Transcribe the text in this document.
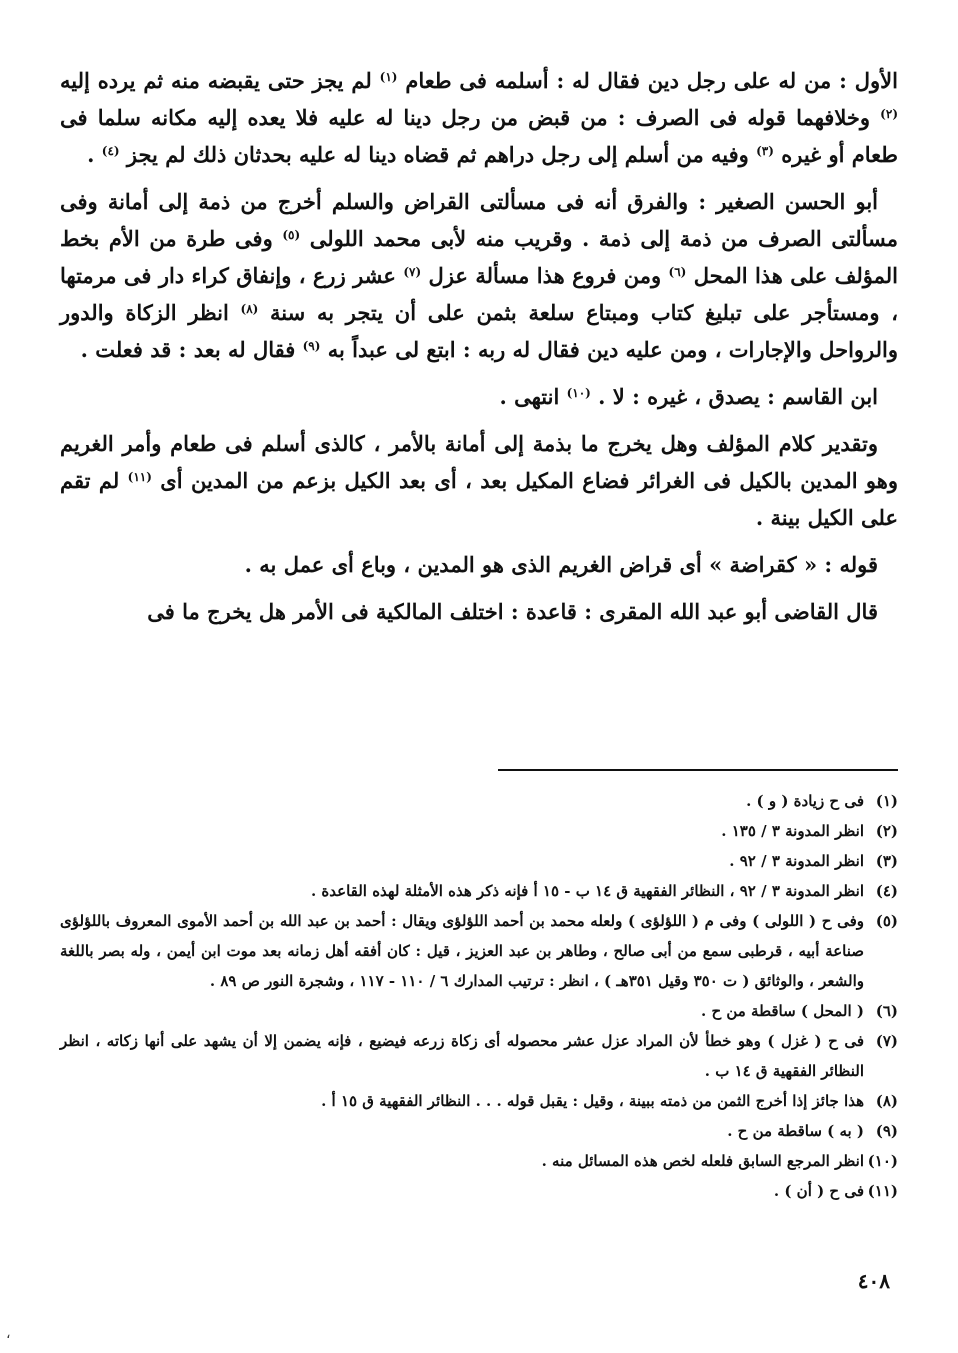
الأول : من له على رجل دين فقال له : أسلمه فى طعام $^{(١)}$ لم يجز حتى يقبضه منه ثم يرده إليه $^{(٢)}$ وخلافهما قوله فى الصرف : من قبض من رجل دينا له عليه فلا يعده إليه مكانه سلما فى طعام أو غيره $^{(٣)}$ وفيه من أسلم إلى رجل دراهم ثم قضاه دينا له عليه بحدثان ذلك لم يجز $^{(٤)}$ .

أبو الحسن الصغير : والفرق أنه فى مسألتى القراض والسلم أخرج من ذمة إلى أمانة وفى مسألتى الصرف من ذمة إلى ذمة . وقريب منه لأبى محمد اللولى $^{(٥)}$ وفى طرة من الأم بخط المؤلف على هذا المحل $^{(٦)}$ ومن فروع هذا مسألة عزل $^{(٧)}$ عشر زرع ، وإنفاق كراء دار فى مرمتها ، ومستأجر على تبليغ كتاب ومبتاع سلعة بثمن على أن يتجر به سنة $^{(٨)}$ انظر الزكاة والدور والرواحل والإجارات ، ومن عليه دين فقال له ربه : ابتع لى عبداً به $^{(٩)}$ فقال له بعد : قد فعلت .

ابن القاسم : يصدق ، غيره : لا . $^{(١٠)}$ انتهى .

وتقدير كلام المؤلف وهل يخرج ما بذمة إلى أمانة بالأمر ، كالذى أسلم فى طعام وأمر الغريم وهو المدين بالكيل فى الغرائر فضاع المكيل بعد ، أى بعد الكيل بزعم من المدين أى $^{(١١)}$ لم تقم على الكيل بينة .

قوله : « كقراضة » أى قراض الغريم الذى هو المدين ، وباع أى عمل به .

قال القاضى أبو عبد الله المقرى : قاعدة : اختلف المالكية فى الأمر هل يخرج ما فى

(١)
فى ح زيادة ( و ) .
(٢)
انظر المدونة ٣ / ١٣٥ .
(٣)
انظر المدونة ٣ / ٩٢ .
(٤)
انظر المدونة ٣ / ٩٢ ، النظائر الفقهية ق ١٤ ب - ١٥ أ فإنه ذكر هذه الأمثلة لهذه القاعدة .
(٥)
وفى ح ( اللولى ) وفى م ( اللؤلؤى ) ولعله محمد بن أحمد اللؤلؤى ويقال : أحمد بن عبد الله بن أحمد الأموى المعروف باللؤلؤى صناعة أبيه ، قرطبى سمع من أبى صالح ، وطاهر بن عبد العزيز ، قيل : كان أفقه أهل زمانه بعد موت ابن أيمن ، وله بصر باللغة والشعر ، والوثائق ( ت ٣٥٠ وقيل ٣٥١هـ ) ، انظر : ترتيب المدارك ٦ / ١١٠ - ١١٧ ، وشجرة النور ص ٨٩ .
(٦)
( المحل ) ساقطة من ح .
(٧)
فى ح ( غزل ) وهو خطأ لأن المراد عزل عشر محصوله أى زكاة زرعه فيضيع ، فإنه يضمن إلا أن يشهد على أنها زكاته ، انظر النظائر الفقهية ق ١٤ ب .
(٨)
هذا جائز إذا أخرج الثمن من ذمته ببينة ، وقيل : يقبل قوله . . . النظائر الفقهية ق ١٥ أ .
(٩)
( به ) ساقطة من ح .
(١٠)
انظر المرجع السابق فلعله لخص هذه المسائل منه .
(١١)
فى ح ( أن ) .
٤٠٨
،
